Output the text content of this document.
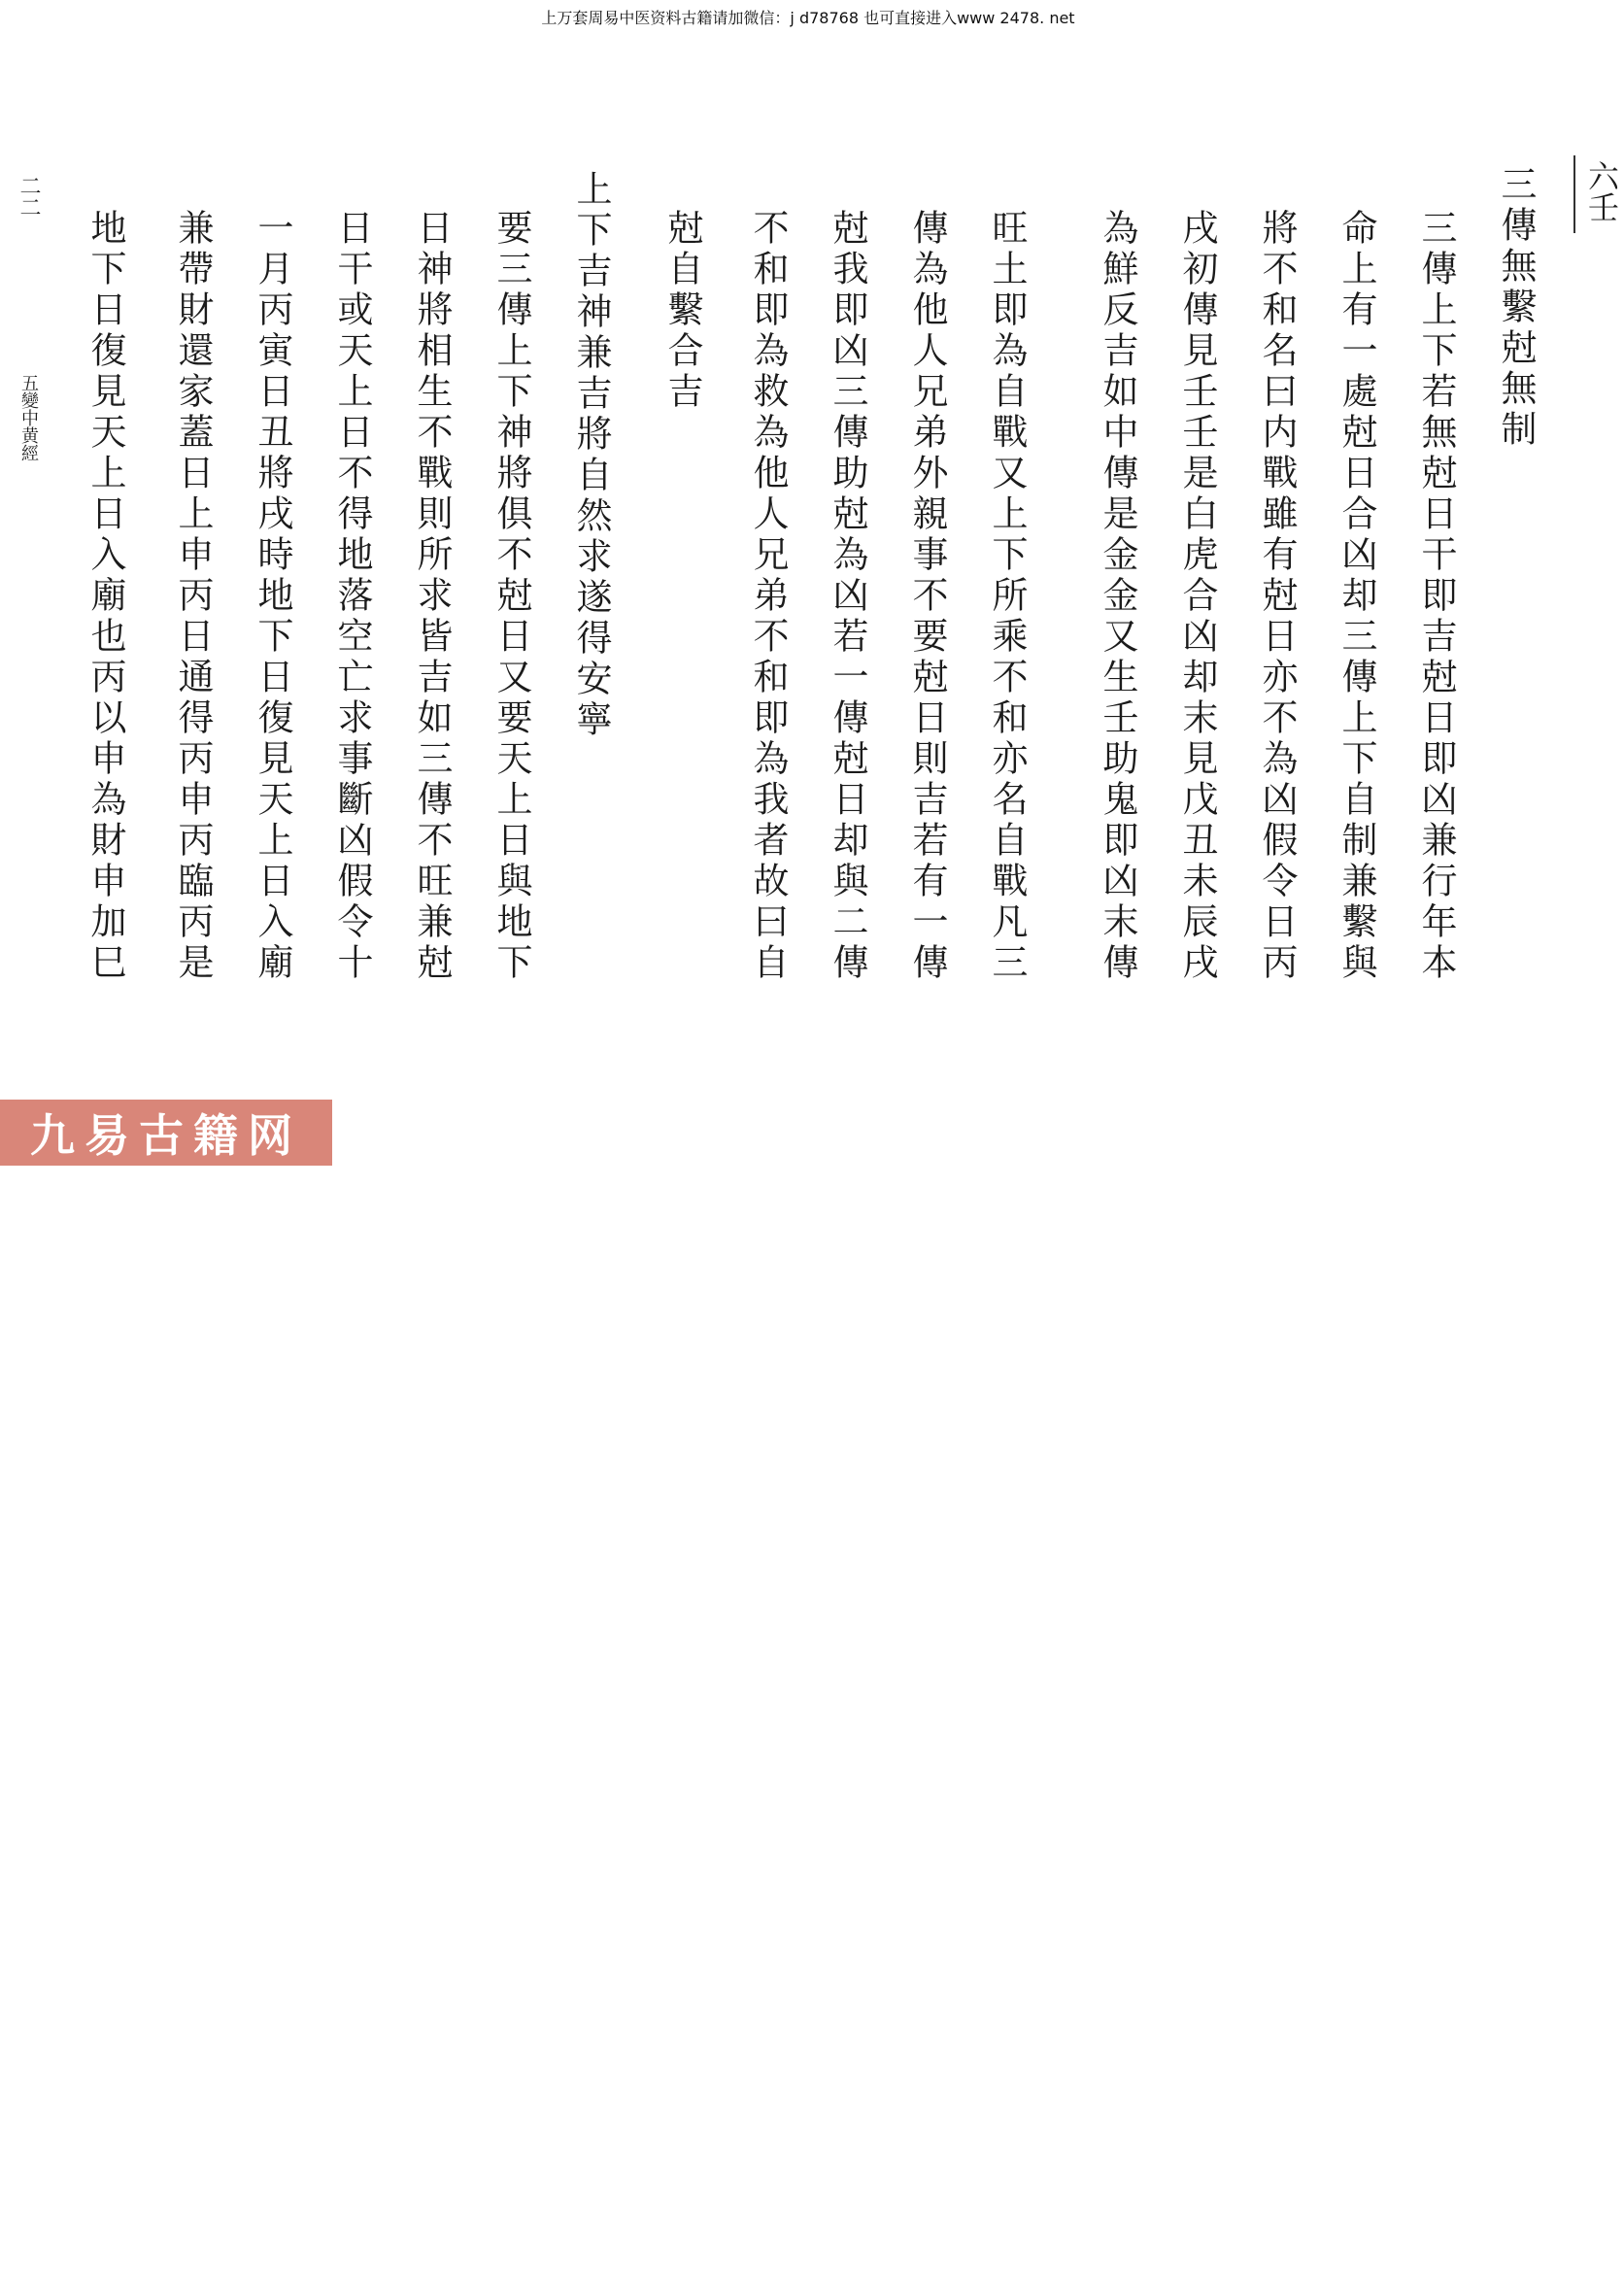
上万套周易中医资料古籍请加微信：j d78768 也可直接进入www 2478. net
六壬
三傳無繫尅無制
三傳上下若無尅日干即吉尅日即凶兼行年本
命上有一處尅日合凶却三傳上下自制兼繫與
將不和名曰内戰雖有尅日亦不為凶假令日丙
戌初傳見壬壬是白虎合凶却末見戊丑未辰戌
為鮮反吉如中傳是金金又生壬助鬼即凶末傳
旺土即為自戰又上下所乘不和亦名自戰凡三
傳為他人兄弟外親事不要尅日則吉若有一傳
尅我即凶三傳助尅為凶若一傳尅日却與二傳
不和即為救為他人兄弟不和即為我者故曰自
尅自繫合吉
上下吉神兼吉將自然求遂得安寧
要三傳上下神將俱不尅日又要天上日與地下
日神將相生不戰則所求皆吉如三傳不旺兼尅
日干或天上日不得地落空亡求事斷凶假令十
一月丙寅日丑將戌時地下日復見天上日入廟
兼帶財還家蓋日上申丙日通得丙申丙臨丙是
地下日復見天上日入廟也丙以申為財申加巳
二二
五變中黄經
九易古籍网
